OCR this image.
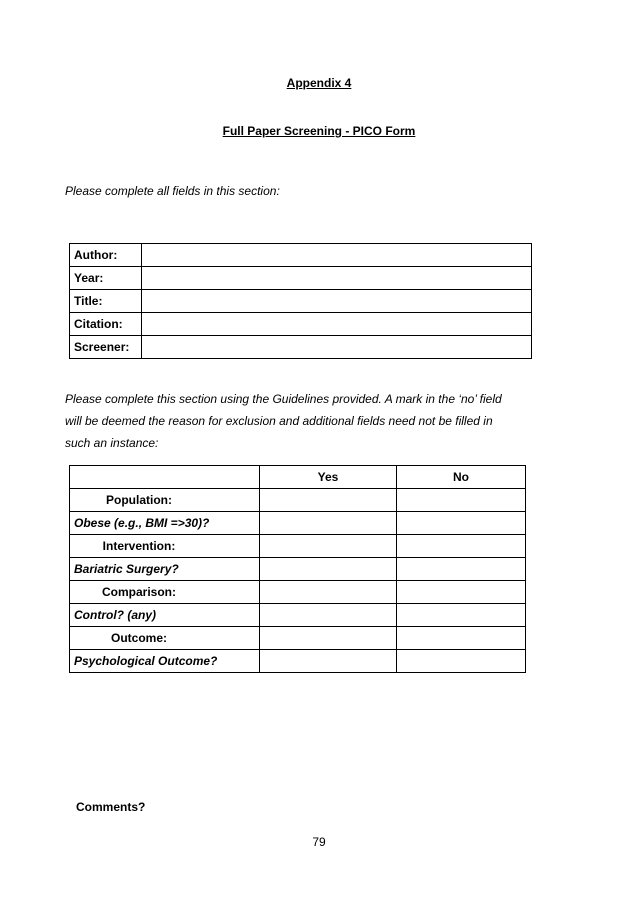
Appendix 4
Full Paper Screening - PICO Form
Please complete all fields in this section:
Author:	
Year:	
Title:	
Citation:	
Screener:	
Please complete this section using the Guidelines provided. A mark in the ‘no’ field
will be deemed the reason for exclusion and additional fields need not be filled in
such an instance:
	Yes	No
Population:		
Obese (e.g., BMI =>30)?		
Intervention:		
Bariatric Surgery?		
Comparison:		
Control? (any)		
Outcome:		
Psychological Outcome?		
Comments?
79
